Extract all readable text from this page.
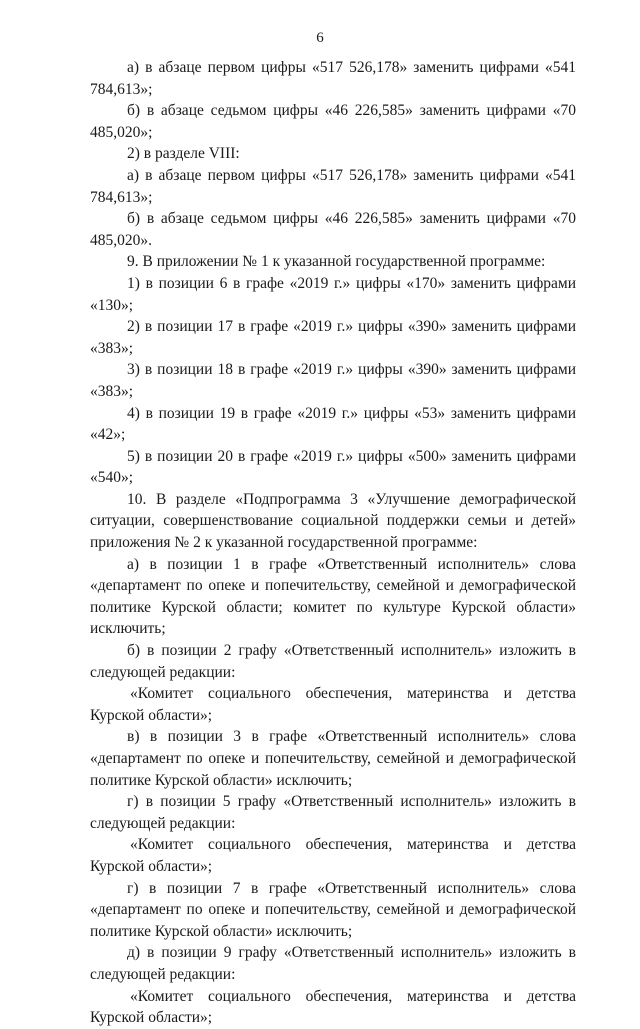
6

а) в абзаце первом цифры «517 526,178» заменить цифрами «541 784,613»;

б) в абзаце седьмом цифры «46 226,585» заменить цифрами «70 485,020»;

2) в разделе VIII:

а) в абзаце первом цифры «517 526,178» заменить цифрами «541 784,613»;

б) в абзаце седьмом цифры «46 226,585» заменить цифрами «70 485,020».

9. В приложении № 1 к указанной государственной программе:

1) в позиции 6 в графе «2019 г.» цифры «170» заменить цифрами «130»;

2) в позиции 17 в графе «2019 г.» цифры «390» заменить цифрами «383»;

3) в позиции 18 в графе «2019 г.» цифры «390» заменить цифрами «383»;

4) в позиции 19 в графе «2019 г.» цифры «53» заменить цифрами «42»;

5) в позиции 20 в графе «2019 г.» цифры «500» заменить цифрами «540»;

10. В разделе «Подпрограмма 3 «Улучшение демографической ситуации, совершенствование социальной поддержки семьи и детей» приложения № 2 к указанной государственной программе:

а) в позиции 1 в графе «Ответственный исполнитель» слова «департамент по опеке и попечительству, семейной и демографической политике Курской области; комитет по культуре Курской области» исключить;

б) в позиции 2 графу «Ответственный исполнитель» изложить в следующей редакции:

«Комитет социального обеспечения, материнства и детства Курской области»;

в) в позиции 3 в графе «Ответственный исполнитель» слова «департамент по опеке и попечительству, семейной и демографической политике Курской области» исключить;

г) в позиции 5 графу «Ответственный исполнитель» изложить в следующей редакции:

«Комитет социального обеспечения, материнства и детства Курской области»;

г) в позиции 7 в графе «Ответственный исполнитель» слова «департамент по опеке и попечительству, семейной и демографической политике Курской области» исключить;

д) в позиции 9 графу «Ответственный исполнитель» изложить в следующей редакции:

«Комитет социального обеспечения, материнства и детства Курской области»;
